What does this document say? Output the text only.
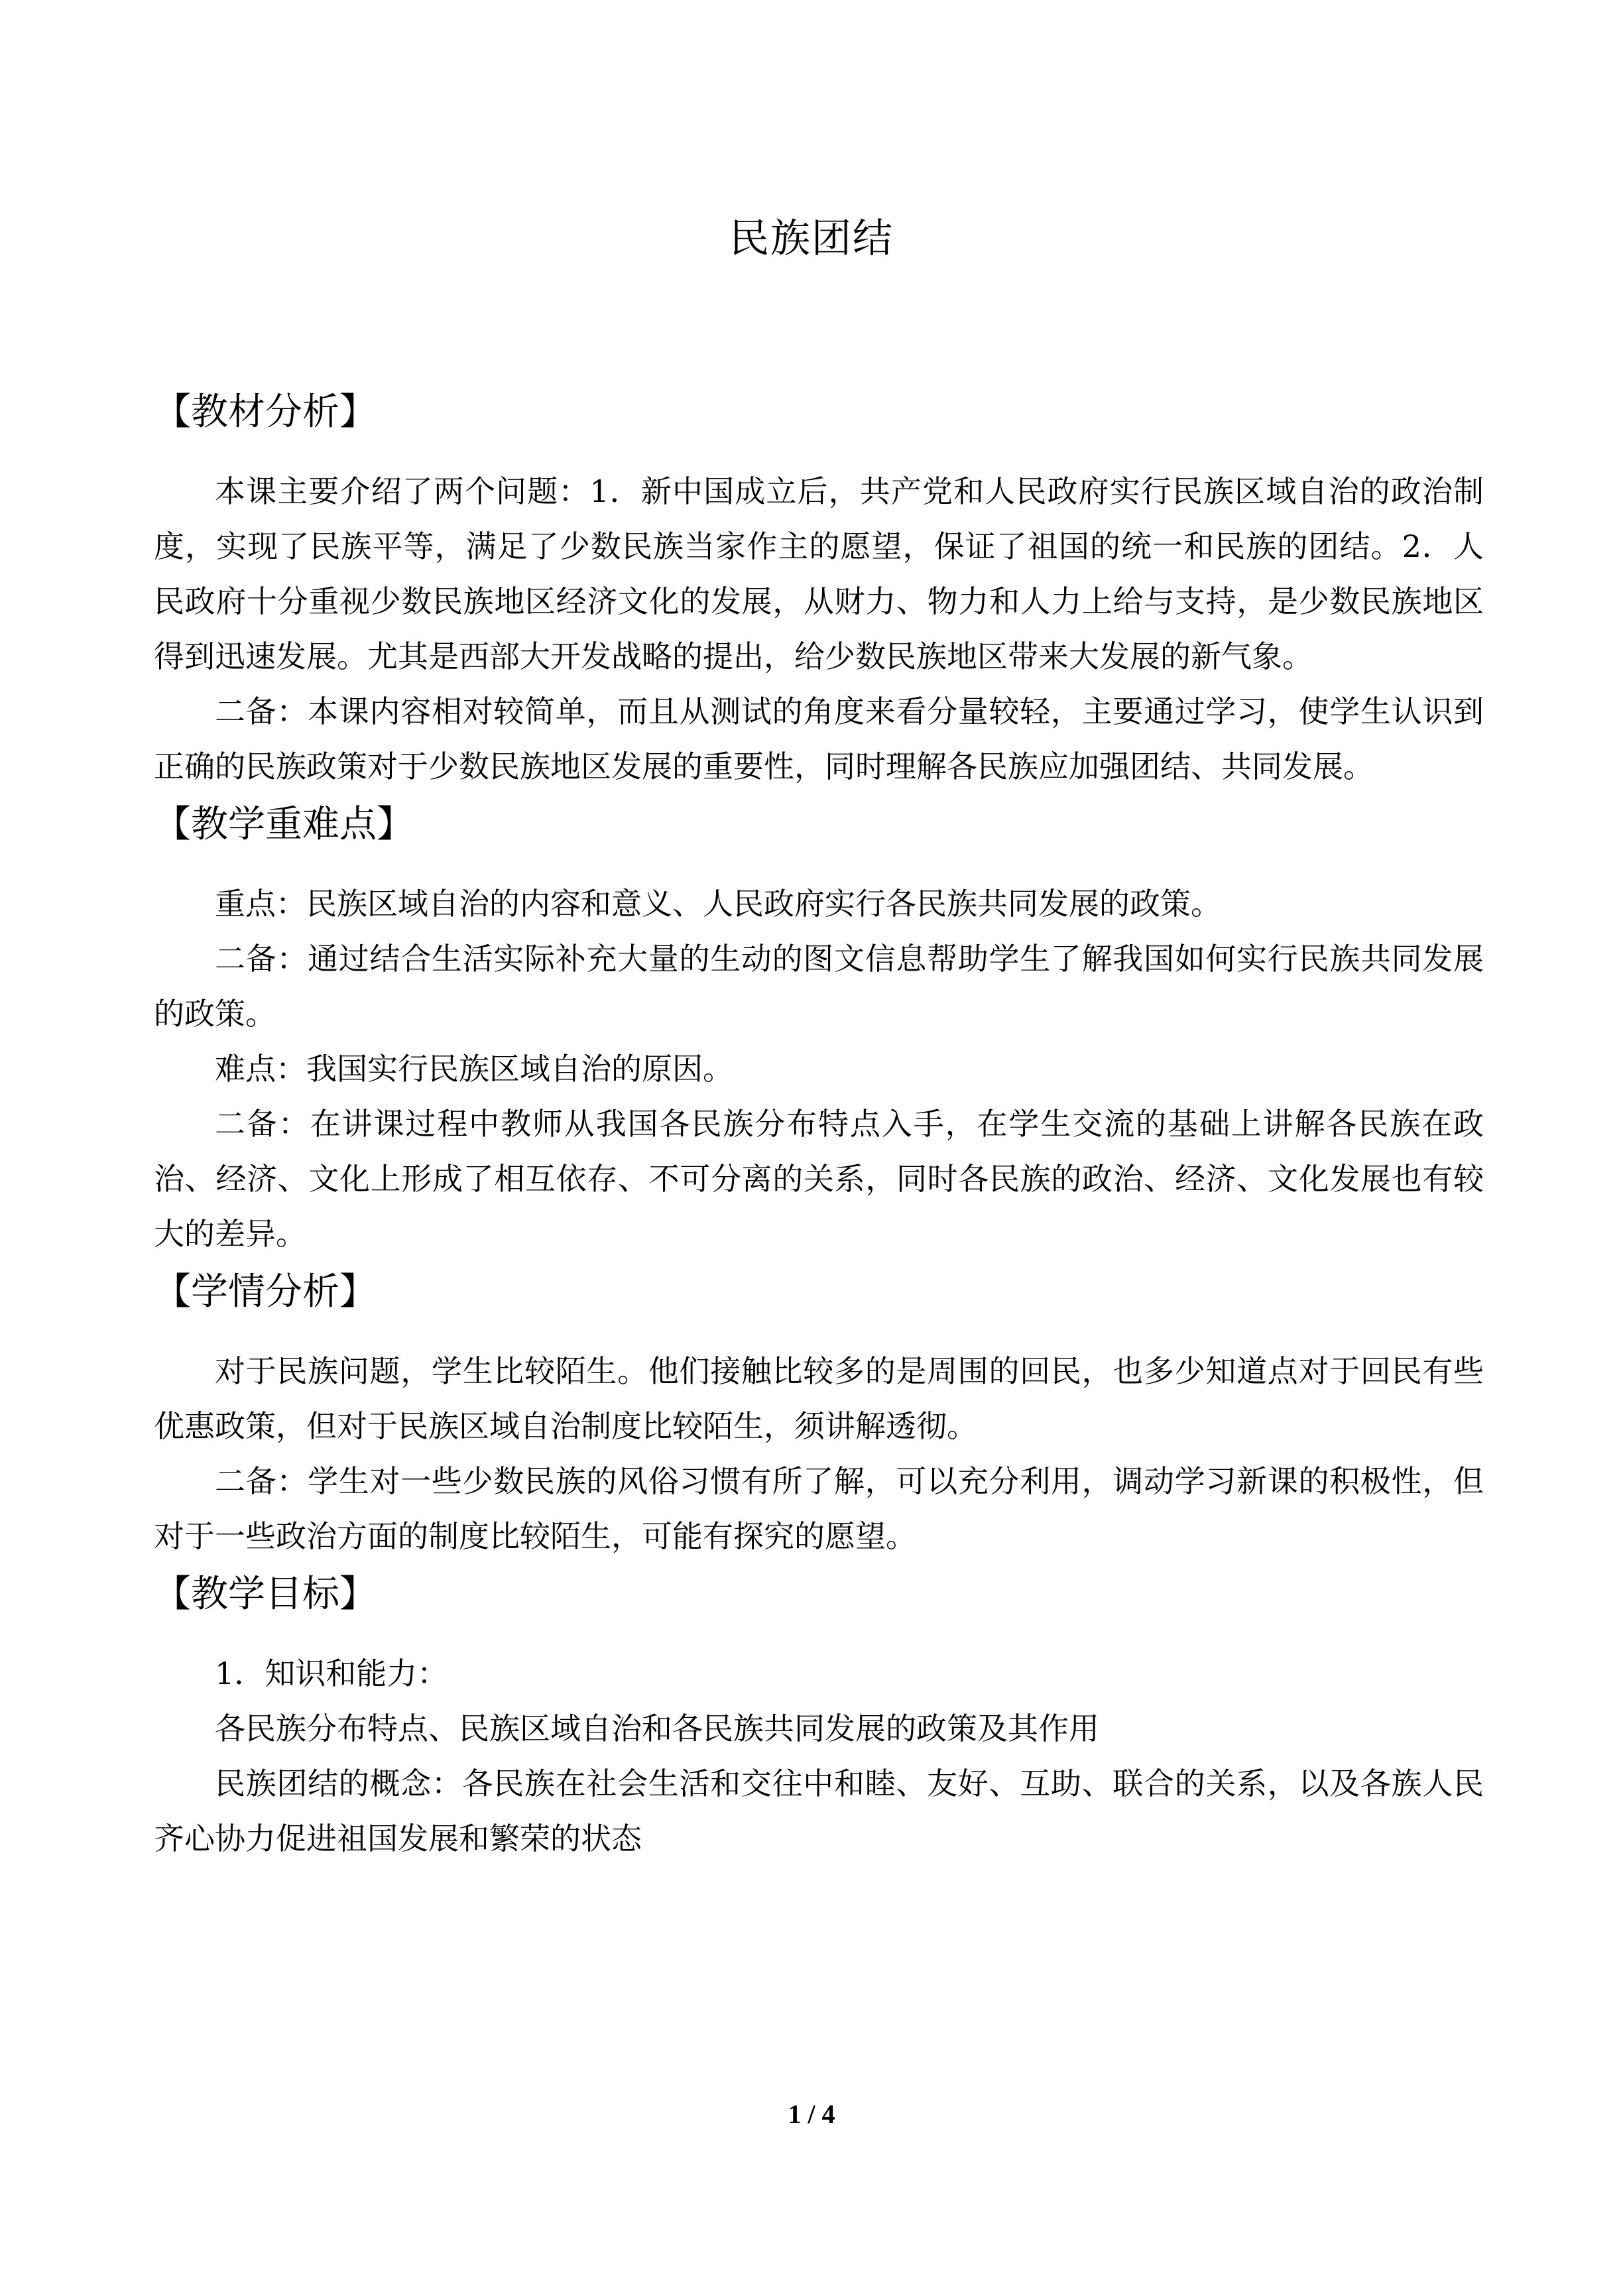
民族团结
【教材分析】

本课主要介绍了两个问题：1．新中国成立后，共产党和人民政府实行民族区域自治的政治制度，实现了民族平等，满足了少数民族当家作主的愿望，保证了祖国的统一和民族的团结。2．人民政府十分重视少数民族地区经济文化的发展，从财力、物力和人力上给与支持，是少数民族地区得到迅速发展。尤其是西部大开发战略的提出，给少数民族地区带来大发展的新气象。

二备：本课内容相对较简单，而且从测试的角度来看分量较轻，主要通过学习，使学生认识到正确的民族政策对于少数民族地区发展的重要性，同时理解各民族应加强团结、共同发展。

【教学重难点】

重点：民族区域自治的内容和意义、人民政府实行各民族共同发展的政策。

二备：通过结合生活实际补充大量的生动的图文信息帮助学生了解我国如何实行民族共同发展的政策。

难点：我国实行民族区域自治的原因。

二备：在讲课过程中教师从我国各民族分布特点入手，在学生交流的基础上讲解各民族在政治、经济、文化上形成了相互依存、不可分离的关系，同时各民族的政治、经济、文化发展也有较大的差异。

【学情分析】

对于民族问题，学生比较陌生。他们接触比较多的是周围的回民，也多少知道点对于回民有些优惠政策，但对于民族区域自治制度比较陌生，须讲解透彻。

二备：学生对一些少数民族的风俗习惯有所了解，可以充分利用，调动学习新课的积极性，但对于一些政治方面的制度比较陌生，可能有探究的愿望。

【教学目标】

1．知识和能力：

各民族分布特点、民族区域自治和各民族共同发展的政策及其作用

民族团结的概念：各民族在社会生活和交往中和睦、友好、互助、联合的关系，以及各族人民齐心协力促进祖国发展和繁荣的状态

1 / 4
